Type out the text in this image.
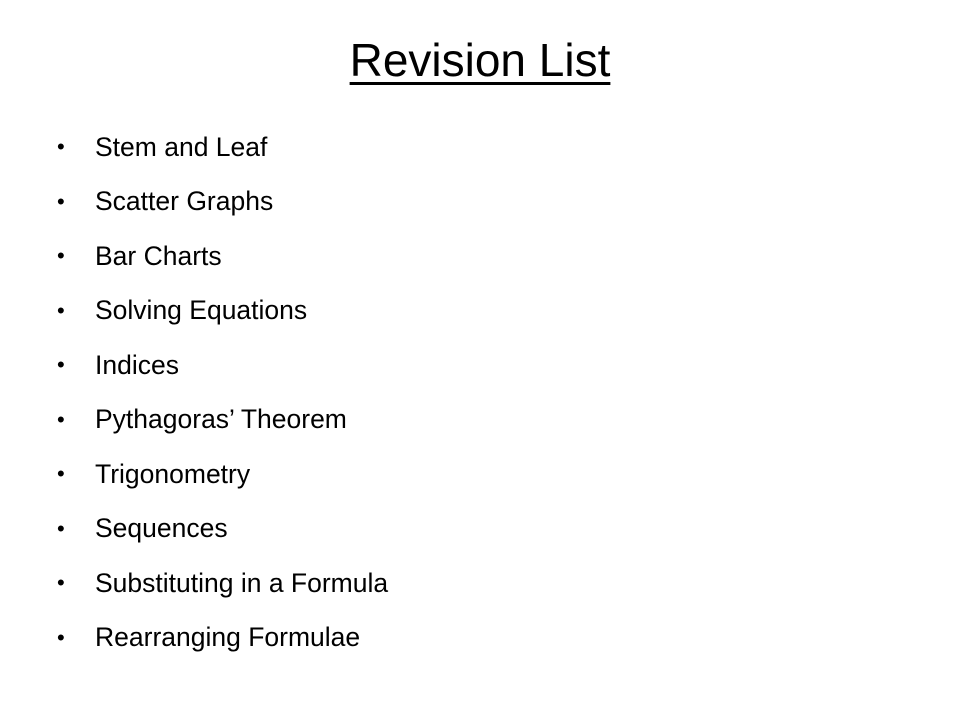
Revision List
•	Stem and Leaf
•	Scatter Graphs
•	Bar Charts
•	Solving Equations
•	Indices
•	Pythagoras’ Theorem
•	Trigonometry
•	Sequences
•	Substituting in a Formula
•	Rearranging Formulae
